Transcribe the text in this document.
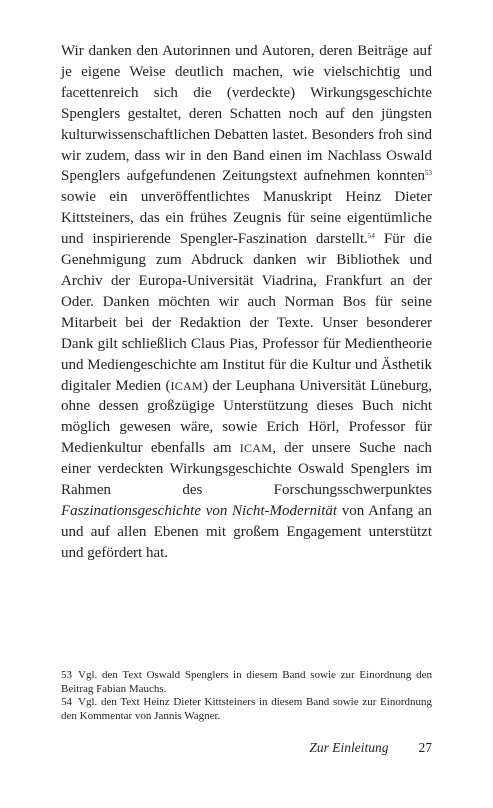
Wir danken den Autorinnen und Autoren, deren Beiträge auf je eigene Weise deutlich machen, wie vielschichtig und facettenreich sich die (verdeckte) Wirkungsgeschichte Spenglers gestaltet, deren Schatten noch auf den jüngsten kulturwissenschaftlichen Debatten lastet. Besonders froh sind wir zudem, dass wir in den Band einen im Nachlass Oswald Spenglers aufgefundenen Zeitungstext aufnehmen konnten$^{53}$ sowie ein unveröffentlichtes Manuskript Heinz Dieter Kittsteiners, das ein frühes Zeugnis für seine eigentümliche und inspirierende Spengler-Faszination darstellt.$^{54}$ Für die Genehmigung zum Abdruck danken wir Bibliothek und Archiv der Europa-Universität Viadrina, Frankfurt an der Oder. Danken möchten wir auch Norman Bos für seine Mitarbeit bei der Redaktion der Texte. Unser besonderer Dank gilt schließlich Claus Pias, Professor für Medientheorie und Mediengeschichte am Institut für die Kultur und Ästhetik digitaler Medien (ICAM) der Leuphana Universität Lüneburg, ohne dessen großzügige Unterstützung dieses Buch nicht möglich gewesen wäre, sowie Erich Hörl, Professor für Medienkultur ebenfalls am ICAM, der unsere Suche nach einer verdeckten Wirkungsgeschichte Oswald Spenglers im Rahmen des Forschungsschwerpunktes Faszinationsgeschichte von Nicht-Modernität von Anfang an und auf allen Ebenen mit großem Engagement unterstützt und gefördert hat.

53 Vgl. den Text Oswald Spenglers in diesem Band sowie zur Einordnung den Beitrag Fabian Mauchs.

54 Vgl. den Text Heinz Dieter Kittsteiners in diesem Band sowie zur Einordnung den Kommentar von Jannis Wagner.

Zur Einleitung 27
